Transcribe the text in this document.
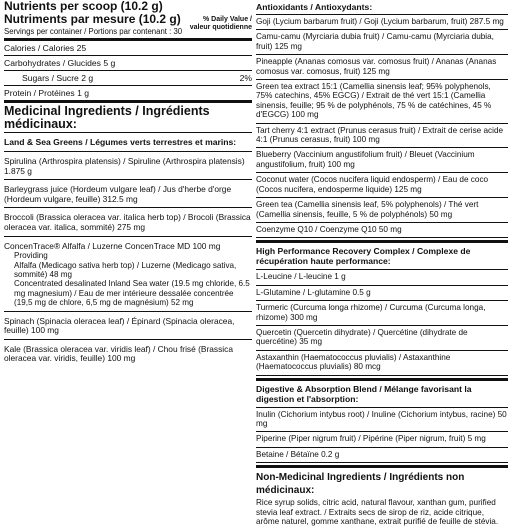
Nutrients per scoop (10.2 g)
Nutriments par mesure (10.2 g)
Servings per container / Portions par contenant : 30
% Daily Value /
valeur quotidienne
Calories / Calories 25
Carbohydrates / Glucides 5 g
Sugars / Sucre 2 g	2%
Protein / Protéines 1 g
Medicinal Ingredients / Ingrédients médicinaux:
Land & Sea Greens / Légumes verts terrestres et marins:
Spirulina (Arthrospira platensis) / Spiruline (Arthrospira platensis) 1.875 g
Barleygrass juice (Hordeum vulgare leaf) / Jus d'herbe d'orge (Hordeum vulgare, feuille) 312.5 mg
Broccoli (Brassica oleracea var. italica herb top) / Brocoli (Brassica oleracea var. italica, sommité) 275 mg
ConcenTrace® Alfalfa / Luzerne ConcenTrace MD 100 mg
Providing
Alfalfa (Medicago sativa herb top) / Luzerne (Medicago sativa, sommité) 48 mg
Concentrated desalinated Inland Sea water (19.5 mg chloride, 6.5 mg magnesium) / Eau de mer intérieure dessalée concentrée (19,5 mg de chlore, 6,5 mg de magnésium) 52 mg
Spinach (Spinacia oleracea leaf) / Épinard (Spinacia oleracea, feuille) 100 mg
Kale (Brassica oleracea var. viridis leaf) / Chou frisé (Brassica oleracea var. viridis, feuille) 100 mg
Antioxidants / Antioxydants:
Goji (Lycium barbarum fruit) / Goji (Lycium barbarum, fruit) 287.5 mg
Camu-camu (Myrciaria dubia fruit) / Camu-camu (Myrciaria dubia, fruit) 125 mg
Pineapple (Ananas comosus var. comosus fruit) / Ananas (Ananas comosus var. comosus, fruit) 125 mg
Green tea extract 15:1 (Camellia sinensis leaf; 95% polyphenols, 75% catechins, 45% EGCG) / Extrait de thé vert 15:1 (Camellia sinensis, feuille; 95 % de polyphénols, 75 % de catéchines, 45 % d'EGCG) 100 mg
Tart cherry 4:1 extract (Prunus cerasus fruit) / Extrait de cerise acide 4:1 (Prunus cerasus, fruit) 100 mg
Blueberry (Vaccinium angustifolium fruit) / Bleuet (Vaccinium angustifolium, fruit) 100 mg
Coconut water (Cocos nucifera liquid endosperm) / Eau de coco (Cocos nucifera, endosperme liquide) 125 mg
Green tea (Camellia sinensis leaf, 5% polyphenols) / Thé vert (Camellia sinensis, feuille, 5 % de polyphénols) 50 mg
Coenzyme Q10 / Coenzyme Q10 50 mg
High Performance Recovery Complex / Complexe de récupération haute performance:
L-Leucine / L-leucine 1 g
L-Glutamine / L-glutamine 0.5 g
Turmeric (Curcuma longa rhizome) / Curcuma (Curcuma longa, rhizome) 300 mg
Quercetin (Quercetin dihydrate) / Quercétine (dihydrate de quercétine) 35 mg
Astaxanthin (Haematococcus pluvialis) / Astaxanthine (Haematococcus pluvialis) 80 mcg
Digestive & Absorption Blend / Mélange favorisant la digestion et l'absorption:
Inulin (Cichorium intybus root) / Inuline (Cichorium intybus, racine) 50 mg
Piperine (Piper nigrum fruit) / Pipérine (Piper nigrum, fruit) 5 mg
Betaine / Bétaïne 0.2 g
Non-Medicinal Ingredients / Ingrédients non médicinaux:
Rice syrup solids, citric acid, natural flavour, xanthan gum, purified stevia leaf extract. / Extraits secs de sirop de riz, acide citrique, arôme naturel, gomme xanthane, extrait purifié de feuille de stévia.
